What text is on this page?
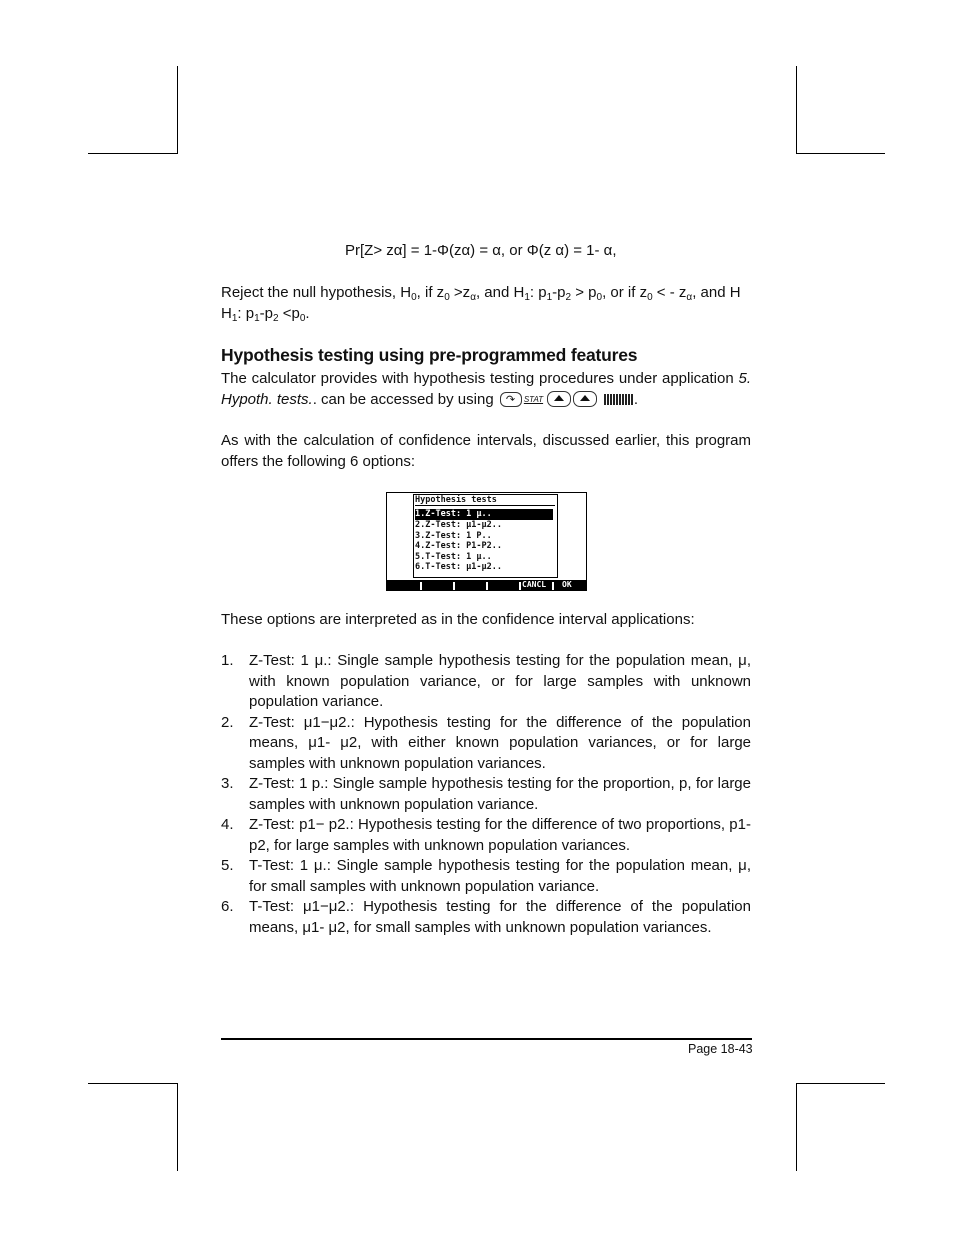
Pr[Z> zα] = 1-Φ(zα) = α, or Φ(z α) = 1- α,
Reject the null hypothesis, $H_0$, if $z_0 >z_\alpha$, and $H_1$: $p_1-p_2 > p_0$, or if $z_0$ < - $z_\alpha$, and H
$H_1$: $p_1-p_2 <p_0$.
Hypothesis testing using pre-programmed features
The calculator provides with hypothesis testing procedures under application 5. Hypoth. tests.. can be accessed by using ↷ STAT	.
As with the calculation of confidence intervals, discussed earlier, this program offers the following 6 options:
Hypothesis tests
1.Z-Test: 1 μ..
2.Z-Test: μ1-μ2..
3.Z-Test: 1 P..
4.Z-Test: P1-P2..
5.T-Test: 1 μ..
6.T-Test: μ1-μ2..
CANCL OK
These options are interpreted as in the confidence interval applications:
1. Z-Test: 1 μ.: Single sample hypothesis testing for the population mean, μ, with known population variance, or for large samples with unknown population variance.
2. Z-Test: μ1−μ2.: Hypothesis testing for the difference of the population means, μ1- μ2, with either known population variances, or for large samples with unknown population variances.
3. Z-Test: 1 p.: Single sample hypothesis testing for the proportion, p, for large samples with unknown population variance.
4. Z-Test: p1− p2.: Hypothesis testing for the difference of two proportions, p1-p2, for large samples with unknown population variances.
5. T-Test: 1 μ.: Single sample hypothesis testing for the population mean, μ, for small samples with unknown population variance.
6. T-Test: μ1−μ2.: Hypothesis testing for the difference of the population means, μ1- μ2, for small samples with unknown population variances.
Page 18-43
